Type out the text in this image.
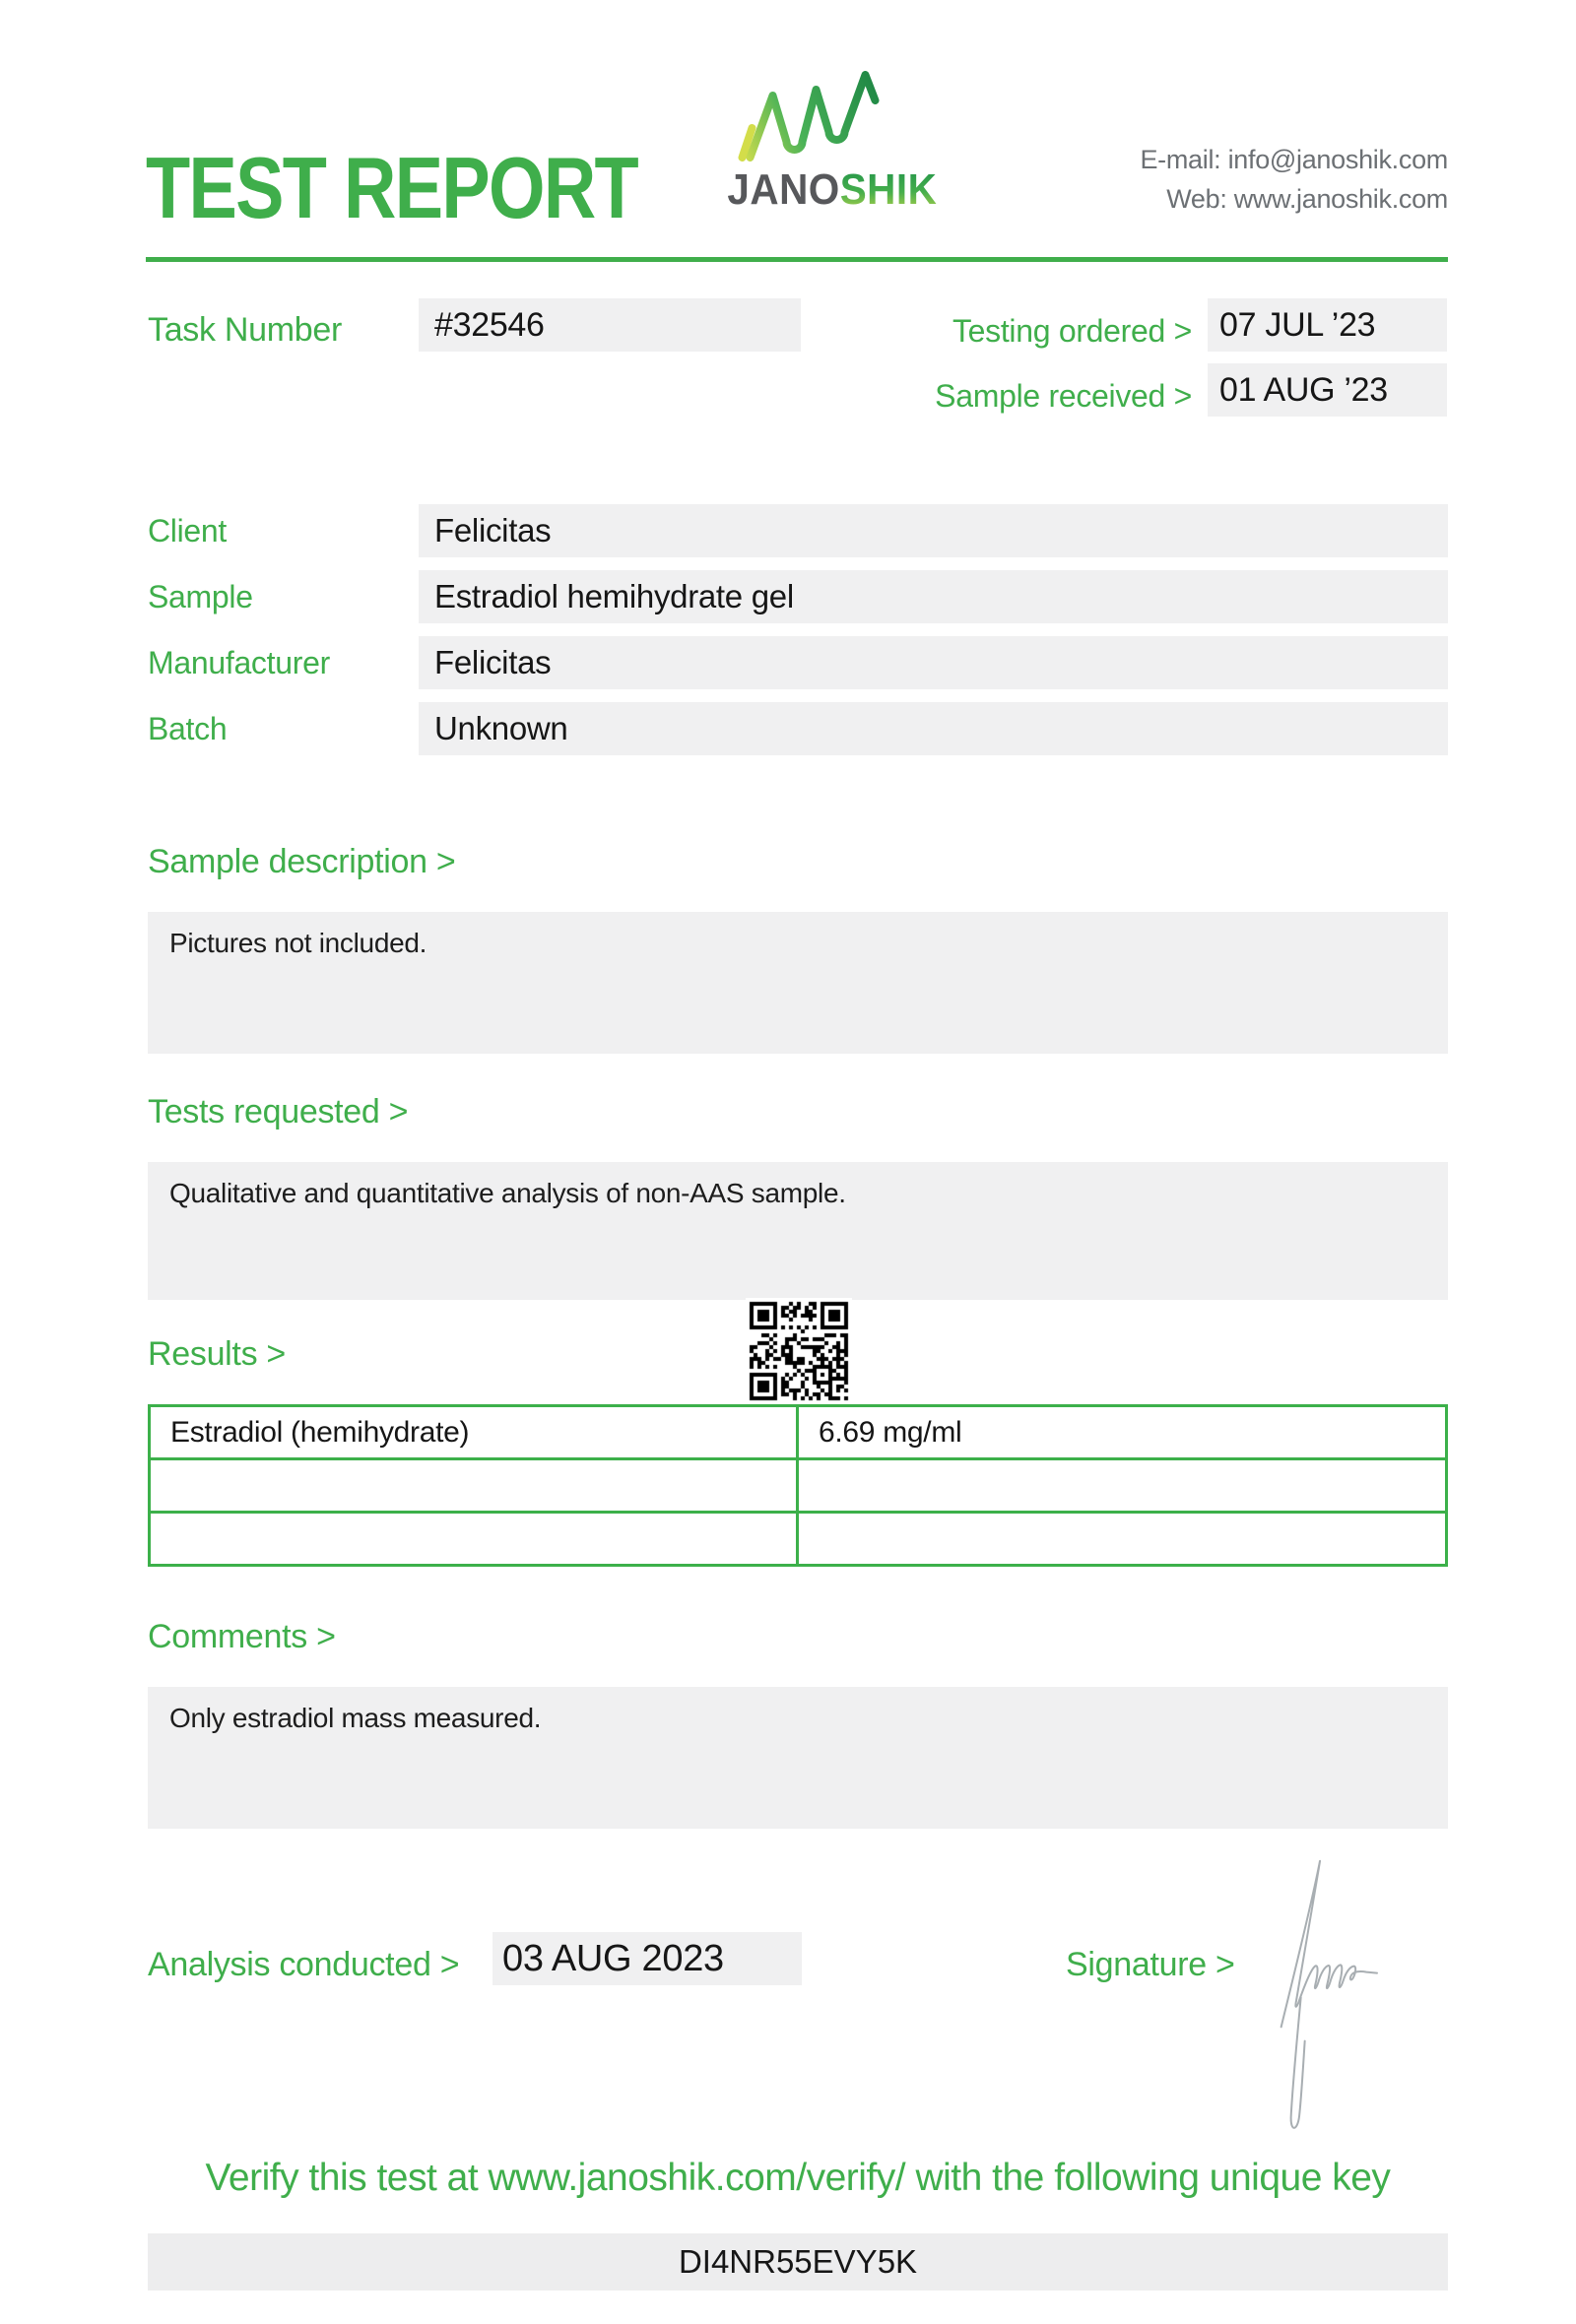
TEST REPORT JANOSHIK
E-mail: info@janoshik.com
Web: www.janoshik.com
Task Number	#32546	Testing ordered > 07 JUL ’23
Sample received > 01 AUG ’23
Client	Felicitas
Sample	Estradiol hemihydrate gel
Manufacturer	Felicitas
Batch	Unknown
Sample description >
Pictures not included.
Tests requested >
Qualitative and quantitative analysis of non-AAS sample.
Results >
Estradiol (hemihydrate)	6.69 mg/ml

Comments >
Only estradiol mass measured.
Analysis conducted > 03 AUG 2023	Signature >
Verify this test at www.janoshik.com/verify/ with the following unique key
DI4NR55EVY5K
